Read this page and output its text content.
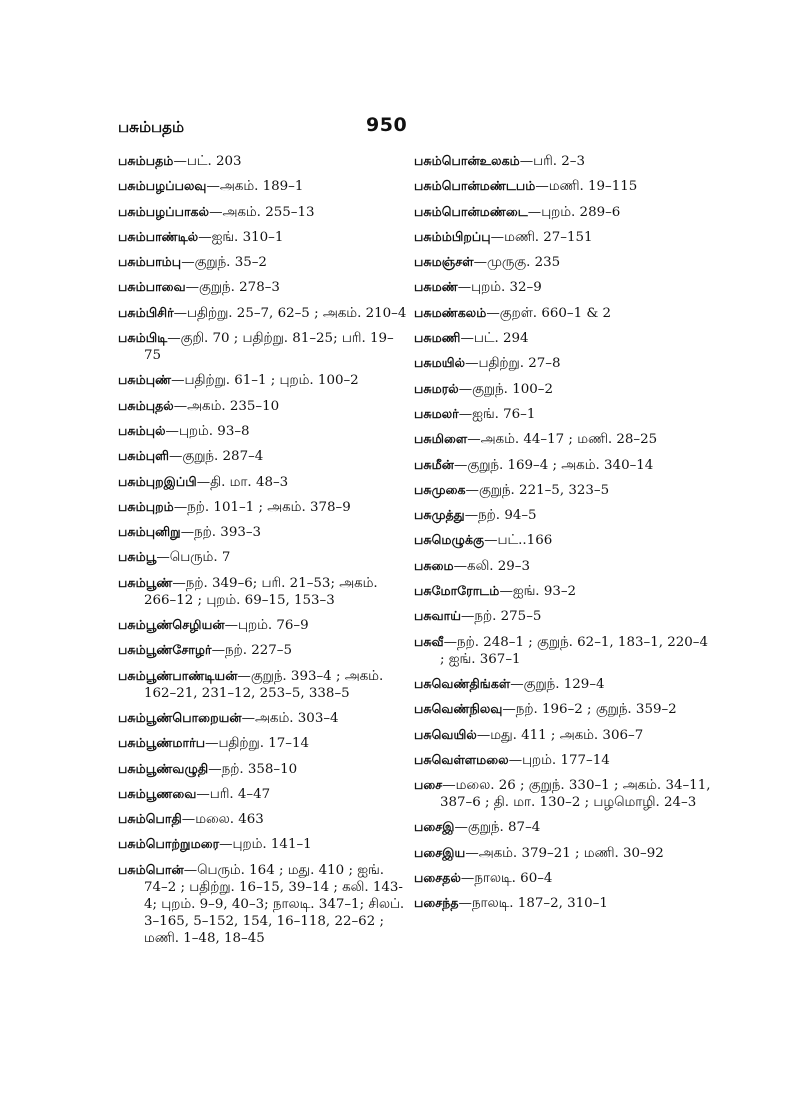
பசும்பதம்	950
பசும்பதம்—பட். 203
பசும்பழப்பலவு—அகம். 189–1
பசும்பழப்பாகல்—அகம். 255–13
பசும்பாண்டில்—ஐங். 310–1
பசும்பாம்பு—குறுந். 35–2
பசும்பாவை—குறுந். 278–3
பசும்பிசிர்—பதிற்று. 25–7, 62–5 ; அகம். 210–4
பசும்பிடி—குறி. 70 ; பதிற்று. 81–25; பரி. 19–75
பசும்புண்—பதிற்று. 61–1 ; புறம். 100–2
பசும்புதல்—அகம். 235–10
பசும்புல்—புறம். 93–8
பசும்புளி—குறுந். 287–4
பசும்புறஇப்பி—தி. மா. 48–3
பசும்புறம்—நற். 101–1 ; அகம். 378–9
பசும்புனிறு—நற். 393–3
பசும்பூ—பெரும். 7
பசும்பூண்—நற். 349–6; பரி. 21–53; அகம். 266–12 ; புறம். 69–15, 153–3
பசும்பூண்செழியன்—புறம். 76–9
பசும்பூண்சோழர்—நற். 227–5
பசும்பூண்பாண்டியன்—குறுந். 393–4 ; அகம். 162–21, 231–12, 253–5, 338–5
பசும்பூண்பொறையன்—அகம். 303–4
பசும்பூண்மார்ப—பதிற்று. 17–14
பசும்பூண்வழுதி—நற். 358–10
பசும்பூணவை—பரி. 4–47
பசும்பொதி—மலை. 463
பசும்பொற்றுமரை—புறம். 141–1
பசும்பொன்—பெரும். 164 ; மது. 410 ; ஐங். 74–2 ; பதிற்று. 16–15, 39–14 ; கலி. 143-4; புறம். 9–9, 40–3; நாலடி. 347–1; சிலப். 3–165, 5–152, 154, 16–118, 22–62 ; மணி. 1–48, 18–45
பசும்பொன்உலகம்—பரி. 2–3
பசும்பொன்மண்டபம்—மணி. 19–115
பசும்பொன்மண்டை—புறம். 289–6
பசும்ம்பிறப்பு—மணி. 27–151
பசுமஞ்சள்—முருகு. 235
பசுமண்—புறம். 32–9
பசுமண்கலம்—குறள். 660–1 & 2
பசுமணி—பட். 294
பசுமயில்—பதிற்று. 27–8
பசுமரல்—குறுந். 100–2
பசுமலர்—ஐங். 76–1
பசுமிளை—அகம். 44–17 ; மணி. 28–25
பசுமீன்—குறுந். 169–4 ; அகம். 340–14
பசுமுகை—குறுந். 221–5, 323–5
பசுமுத்து—நற். 94–5
பசுமெழுக்கு—பட்..166
பசுமை—கலி. 29–3
பசுமோரோடம்—ஐங். 93–2
பசுவாய்—நற். 275–5
பசுவீ—நற். 248–1 ; குறுந். 62–1, 183–1, 220–4 ; ஐங். 367–1
பசுவெண்திங்கள்—குறுந். 129–4
பசுவெண்நிலவு—நற். 196–2 ; குறுந். 359–2
பசுவெயில்—மது. 411 ; அகம். 306–7
பசுவெள்ளமலை—புறம். 177–14
பசை—மலை. 26 ; குறுந். 330–1 ; அகம். 34–11, 387–6 ; தி. மா. 130–2 ; பழமொழி. 24–3
பசைஇ—குறுந். 87–4
பசைஇய—அகம். 379–21 ; மணி. 30–92
பசைதல்—நாலடி. 60–4
பசைந்த—நாலடி. 187–2, 310–1
